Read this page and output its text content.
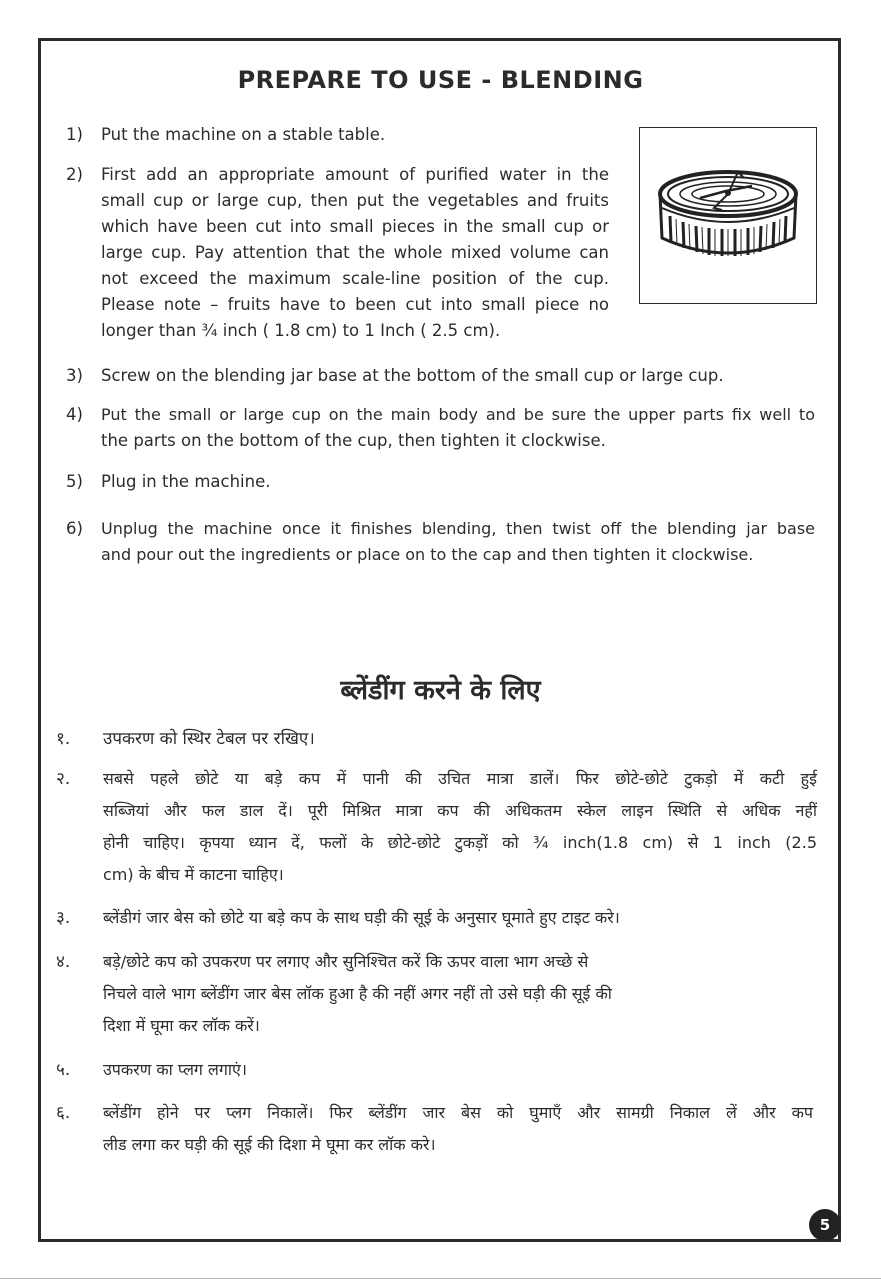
PREPARE TO USE - BLENDING
1) Put the machine on a stable table.
2) First add an appropriate amount of purified water in the
small cup or large cup, then put the vegetables and fruits
which have been cut into small pieces in the small cup or
large cup. Pay attention that the whole mixed volume can
not exceed the maximum scale-line position of the cup.
Please note – fruits have to been cut into small piece no
longer than ¾ inch ( 1.8 cm) to 1 Inch ( 2.5 cm).
3) Screw on the blending jar base at the bottom of the small cup or large cup.
4) Put the small or large cup on the main body and be sure the upper parts fix well to
the parts on the bottom of the cup, then tighten it clockwise.
5) Plug in the machine.
6) Unplug the machine once it finishes blending, then twist off the blending jar base
and pour out the ingredients or place on to the cap and then tighten it clockwise.
ब्लेंडींग करने के लिए
१. उपकरण को स्थिर टेबल पर रखिए।
२. सबसे पहले छोटे या बड़े कप में पानी की उचित मात्रा डालें। फिर छोटे-छोटे टुकड़ो में कटी हुई
सब्जियां और फल डाल दें। पूरी मिश्रित मात्रा कप की अधिकतम स्केल लाइन स्थिति से अधिक नहीं
होनी चाहिए। कृपया ध्यान दें, फलों के छोटे-छोटे टुकड़ों को ¾ inch(1.8 cm) से 1 inch (2.5
cm) के बीच में काटना चाहिए।
३. ब्लेंडीगं जार बेस को छोटे या बड़े कप के साथ घड़ी की सूई के अनुसार घूमाते हुए टाइट करे।
४. बड़े/छोटे कप को उपकरण पर लगाए और सुनिश्चित करें कि ऊपर वाला भाग अच्छे से
निचले वाले भाग ब्लेंडींग जार बेस लॉक हुआ है की नहीं अगर नहीं तो उसे घड़ी की सूई की
दिशा में घूमा कर लॉक करें।
५. उपकरण का प्लग लगाएं।
६. ब्लेंडींग होने पर प्लग निकालें। फिर ब्लेंडींग जार बेस को घुमाएँ और सामग्री निकाल लें और कप
लीड लगा कर घड़ी की सूई की दिशा मे घूमा कर लॉक करे।
5
